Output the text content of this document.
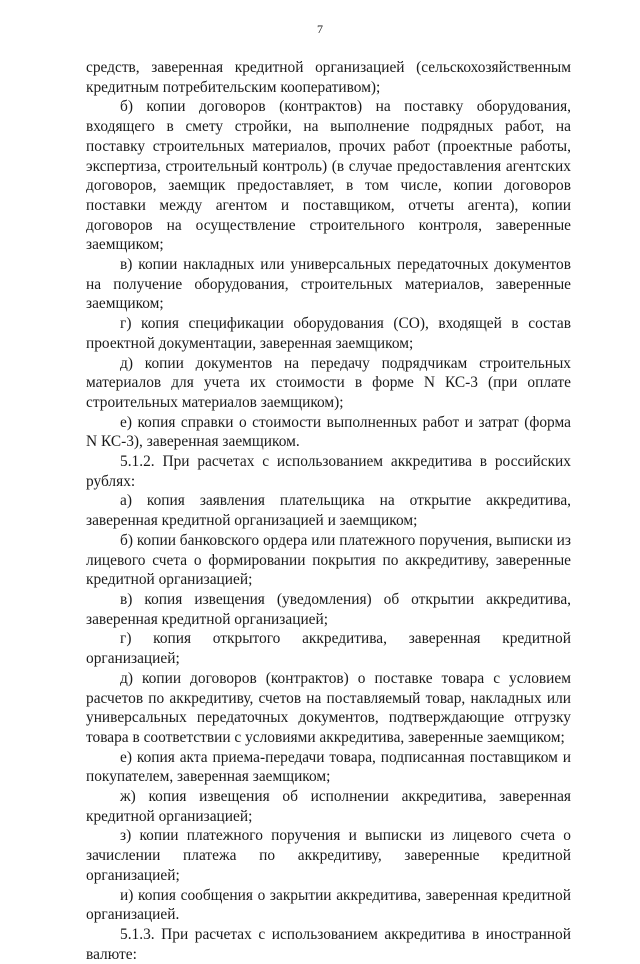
7

средств, заверенная кредитной организацией (сельскохозяйственным кредитным потребительским кооперативом);

б) копии договоров (контрактов) на поставку оборудования, входящего в смету стройки, на выполнение подрядных работ, на поставку строительных материалов, прочих работ (проектные работы, экспертиза, строительный контроль) (в случае предоставления агентских договоров, заемщик предоставляет, в том числе, копии договоров поставки между агентом и поставщиком, отчеты агента), копии договоров на осуществление строительного контроля, заверенные заемщиком;

в) копии накладных или универсальных передаточных документов на получение оборудования, строительных материалов, заверенные заемщиком;

г) копия спецификации оборудования (СО), входящей в состав проектной документации, заверенная заемщиком;

д) копии документов на передачу подрядчикам строительных материалов для учета их стоимости в форме N КС-3 (при оплате строительных материалов заемщиком);

е) копия справки о стоимости выполненных работ и затрат (форма N КС-3), заверенная заемщиком.

5.1.2. При расчетах с использованием аккредитива в российских рублях:

а) копия заявления плательщика на открытие аккредитива, заверенная кредитной организацией и заемщиком;

б) копии банковского ордера или платежного поручения, выписки из лицевого счета о формировании покрытия по аккредитиву, заверенные кредитной организацией;

в) копия извещения (уведомления) об открытии аккредитива, заверенная кредитной организацией;

г) копия открытого аккредитива, заверенная кредитной организацией;

д) копии договоров (контрактов) о поставке товара с условием расчетов по аккредитиву, счетов на поставляемый товар, накладных или универсальных передаточных документов, подтверждающие отгрузку товара в соответствии с условиями аккредитива, заверенные заемщиком;

е) копия акта приема-передачи товара, подписанная поставщиком и покупателем, заверенная заемщиком;

ж) копия извещения об исполнении аккредитива, заверенная кредитной организацией;

з) копии платежного поручения и выписки из лицевого счета о зачислении платежа по аккредитиву, заверенные кредитной организацией;

и) копия сообщения о закрытии аккредитива, заверенная кредитной организацией.

5.1.3. При расчетах с использованием аккредитива в иностранной валюте:
